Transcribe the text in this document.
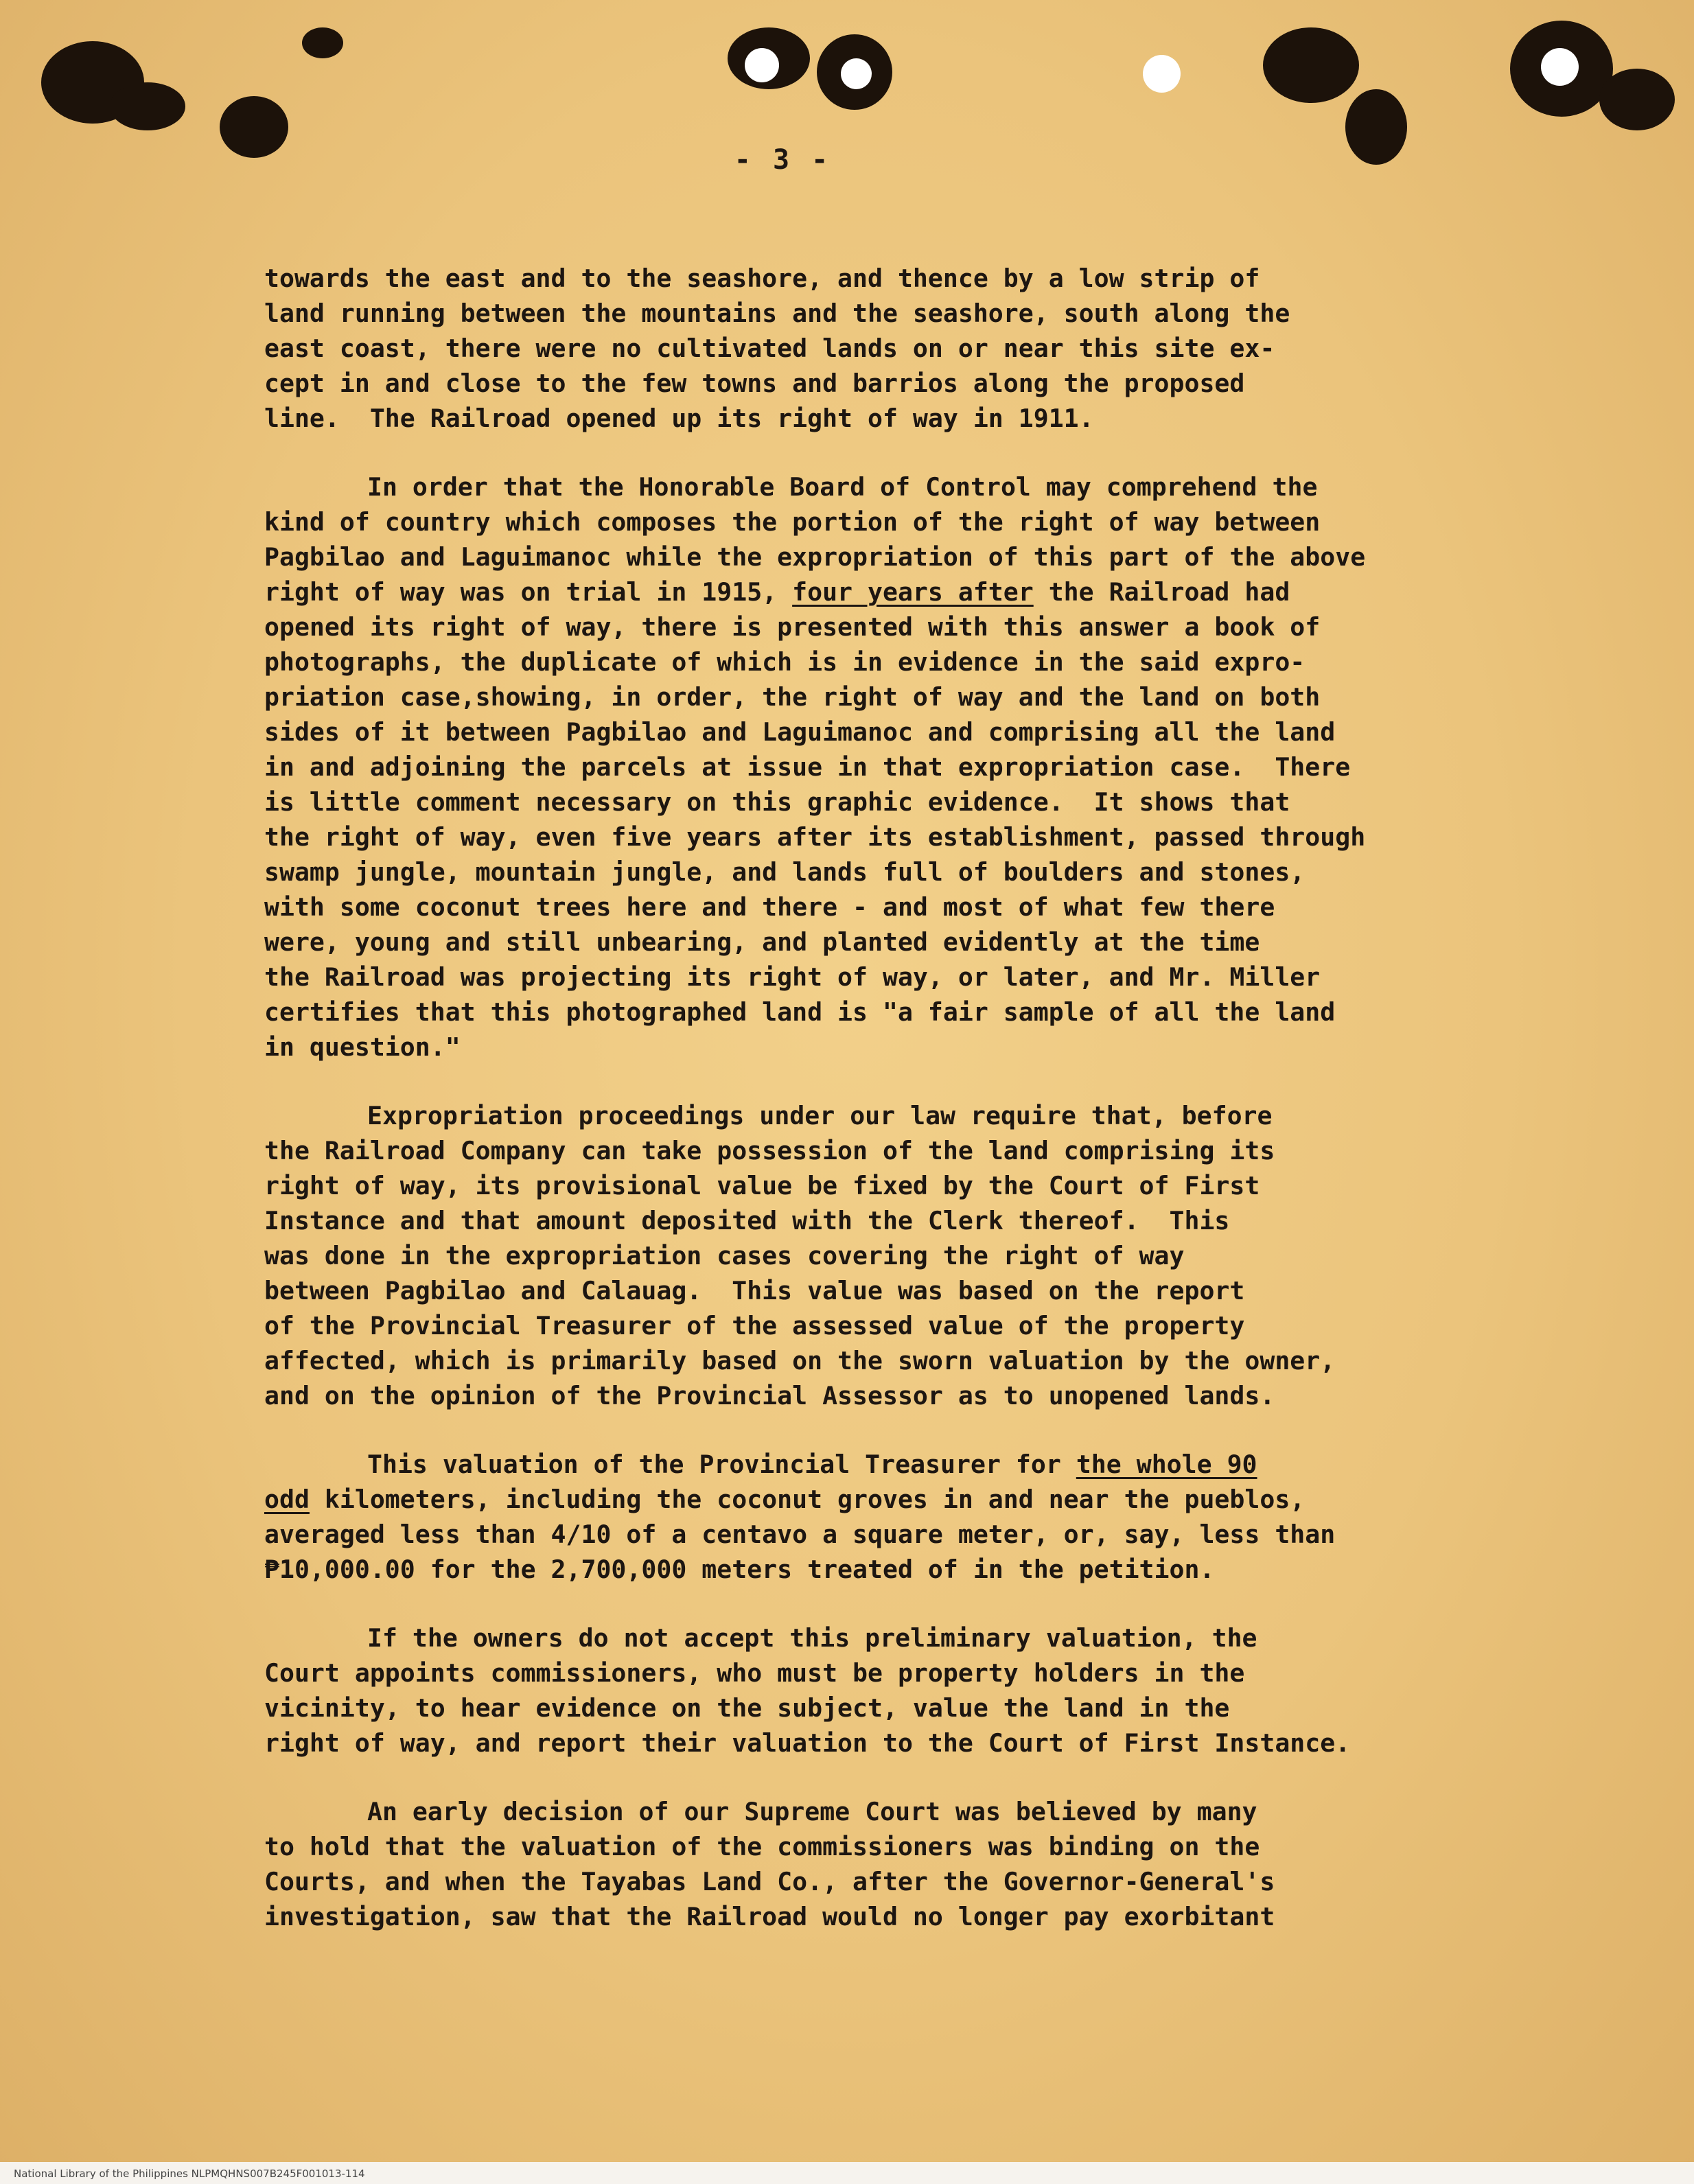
- 3 -

towards the east and to the seashore, and thence by a low strip of
land running between the mountains and the seashore, south along the
east coast, there were no cultivated lands on or near this site ex-
cept in and close to the few towns and barrios along the proposed
line.  The Railroad opened up its right of way in 1911.

In order that the Honorable Board of Control may comprehend the
kind of country which composes the portion of the right of way between
Pagbilao and Laguimanoc while the expropriation of this part of the above
right of way was on trial in 1915, four years after the Railroad had
opened its right of way, there is presented with this answer a book of
photographs, the duplicate of which is in evidence in the said expro-
priation case,showing, in order, the right of way and the land on both
sides of it between Pagbilao and Laguimanoc and comprising all the land
in and adjoining the parcels at issue in that expropriation case.  There
is little comment necessary on this graphic evidence.  It shows that
the right of way, even five years after its establishment, passed through
swamp jungle, mountain jungle, and lands full of boulders and stones,
with some coconut trees here and there - and most of what few there
were, young and still unbearing, and planted evidently at the time
the Railroad was projecting its right of way, or later, and Mr. Miller
certifies that this photographed land is "a fair sample of all the land
in question."

Expropriation proceedings under our law require that, before
the Railroad Company can take possession of the land comprising its
right of way, its provisional value be fixed by the Court of First
Instance and that amount deposited with the Clerk thereof.  This
was done in the expropriation cases covering the right of way
between Pagbilao and Calauag.  This value was based on the report
of the Provincial Treasurer of the assessed value of the property
affected, which is primarily based on the sworn valuation by the owner,
and on the opinion of the Provincial Assessor as to unopened lands.

This valuation of the Provincial Treasurer for the whole 90
odd kilometers, including the coconut groves in and near the pueblos,
averaged less than 4/10 of a centavo a square meter, or, say, less than
₱10,000.00 for the 2,700,000 meters treated of in the petition.

If the owners do not accept this preliminary valuation, the
Court appoints commissioners, who must be property holders in the
vicinity, to hear evidence on the subject, value the land in the
right of way, and report their valuation to the Court of First Instance.

An early decision of our Supreme Court was believed by many
to hold that the valuation of the commissioners was binding on the
Courts, and when the Tayabas Land Co., after the Governor-General's
investigation, saw that the Railroad would no longer pay exorbitant

National Library of the Philippines NLPMQHNS007B245F001013-114
